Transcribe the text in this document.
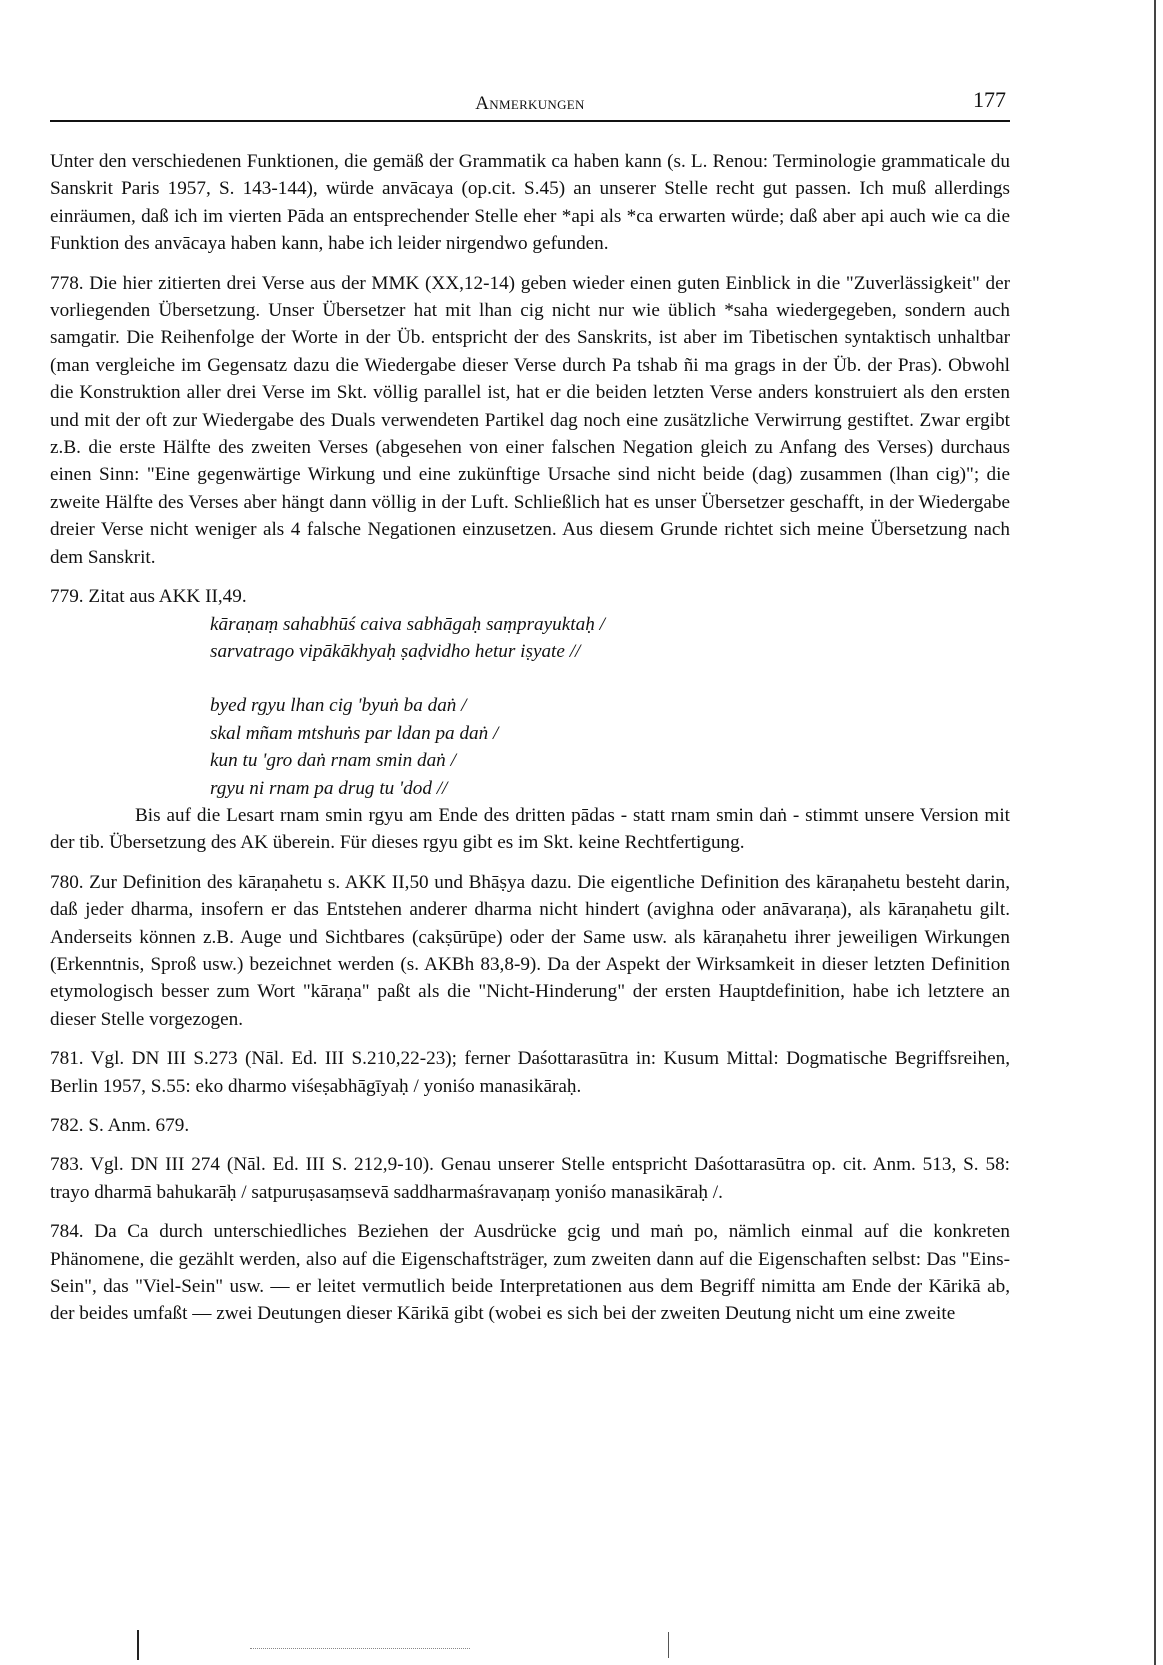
Anmerkungen	177

Unter den verschiedenen Funktionen, die gemäß der Grammatik ca haben kann (s. L. Renou: Terminologie grammaticale du Sanskrit Paris 1957, S. 143-144), würde anvācaya (op.cit. S.45) an unserer Stelle recht gut passen. Ich muß allerdings einräumen, daß ich im vierten Pāda an entsprechender Stelle eher *api als *ca erwarten würde; daß aber api auch wie ca die Funktion des anvācaya haben kann, habe ich leider nirgendwo gefunden.

778. Die hier zitierten drei Verse aus der MMK (XX,12-14) geben wieder einen guten Einblick in die "Zuverlässigkeit" der vorliegenden Übersetzung. Unser Übersetzer hat mit lhan cig nicht nur wie üblich *saha wiedergegeben, sondern auch samgatir. Die Reihenfolge der Worte in der Üb. entspricht der des Sanskrits, ist aber im Tibetischen syntaktisch unhaltbar (man vergleiche im Gegensatz dazu die Wiedergabe dieser Verse durch Pa tshab ñi ma grags in der Üb. der Pras). Obwohl die Konstruktion aller drei Verse im Skt. völlig parallel ist, hat er die beiden letzten Verse anders konstruiert als den ersten und mit der oft zur Wiedergabe des Duals verwendeten Partikel dag noch eine zusätzliche Verwirrung gestiftet. Zwar ergibt z.B. die erste Hälfte des zweiten Verses (abgesehen von einer falschen Negation gleich zu Anfang des Verses) durchaus einen Sinn: "Eine gegenwärtige Wirkung und eine zukünftige Ursache sind nicht beide (dag) zusammen (lhan cig)"; die zweite Hälfte des Verses aber hängt dann völlig in der Luft. Schließlich hat es unser Übersetzer geschafft, in der Wiedergabe dreier Verse nicht weniger als 4 falsche Negationen einzusetzen. Aus diesem Grunde richtet sich meine Übersetzung nach dem Sanskrit.

779. Zitat aus AKK II,49.
kāraṇaṃ sahabhūś caiva sabhāgaḥ saṃprayuktaḥ /
sarvatrago vipākākhyaḥ ṣaḍvidho hetur iṣyate //
byed rgyu lhan cig 'byuṅ ba daṅ /
skal mñam mtshuṅs par ldan pa daṅ /
kun tu 'gro daṅ rnam smin daṅ /
rgyu ni rnam pa drug tu 'dod //

Bis auf die Lesart rnam smin rgyu am Ende des dritten pādas - statt rnam smin daṅ - stimmt unsere Version mit der tib. Übersetzung des AK überein. Für dieses rgyu gibt es im Skt. keine Rechtfertigung.

780. Zur Definition des kāraṇahetu s. AKK II,50 und Bhāṣya dazu. Die eigentliche Definition des kāraṇahetu besteht darin, daß jeder dharma, insofern er das Entstehen anderer dharma nicht hindert (avighna oder anāvaraṇa), als kāraṇahetu gilt. Anderseits können z.B. Auge und Sichtbares (cakṣūrūpe) oder der Same usw. als kāraṇahetu ihrer jeweiligen Wirkungen (Erkenntnis, Sproß usw.) bezeichnet werden (s. AKBh 83,8-9). Da der Aspekt der Wirksamkeit in dieser letzten Definition etymologisch besser zum Wort "kāraṇa" paßt als die "Nicht-Hinderung" der ersten Hauptdefinition, habe ich letztere an dieser Stelle vorgezogen.

781. Vgl. DN III S.273 (Nāl. Ed. III S.210,22-23); ferner Daśottarasūtra in: Kusum Mittal: Dogmatische Begriffsreihen, Berlin 1957, S.55: eko dharmo viśeṣabhāgīyaḥ / yoniśo manasikāraḥ.

782. S. Anm. 679.

783. Vgl. DN III 274 (Nāl. Ed. III S. 212,9-10). Genau unserer Stelle entspricht Daśottarasūtra op. cit. Anm. 513, S. 58: trayo dharmā bahukarāḥ / satpuruṣasaṃsevā saddharmaśravaṇaṃ yoniśo manasikāraḥ /.

784. Da Ca durch unterschiedliches Beziehen der Ausdrücke gcig und maṅ po, nämlich einmal auf die konkreten Phänomene, die gezählt werden, also auf die Eigenschaftsträger, zum zweiten dann auf die Eigenschaften selbst: Das "Eins-Sein", das "Viel-Sein" usw. — er leitet vermutlich beide Interpretationen aus dem Begriff nimitta am Ende der Kārikā ab, der beides umfaßt — zwei Deutungen dieser Kārikā gibt (wobei es sich bei der zweiten Deutung nicht um eine zweite
